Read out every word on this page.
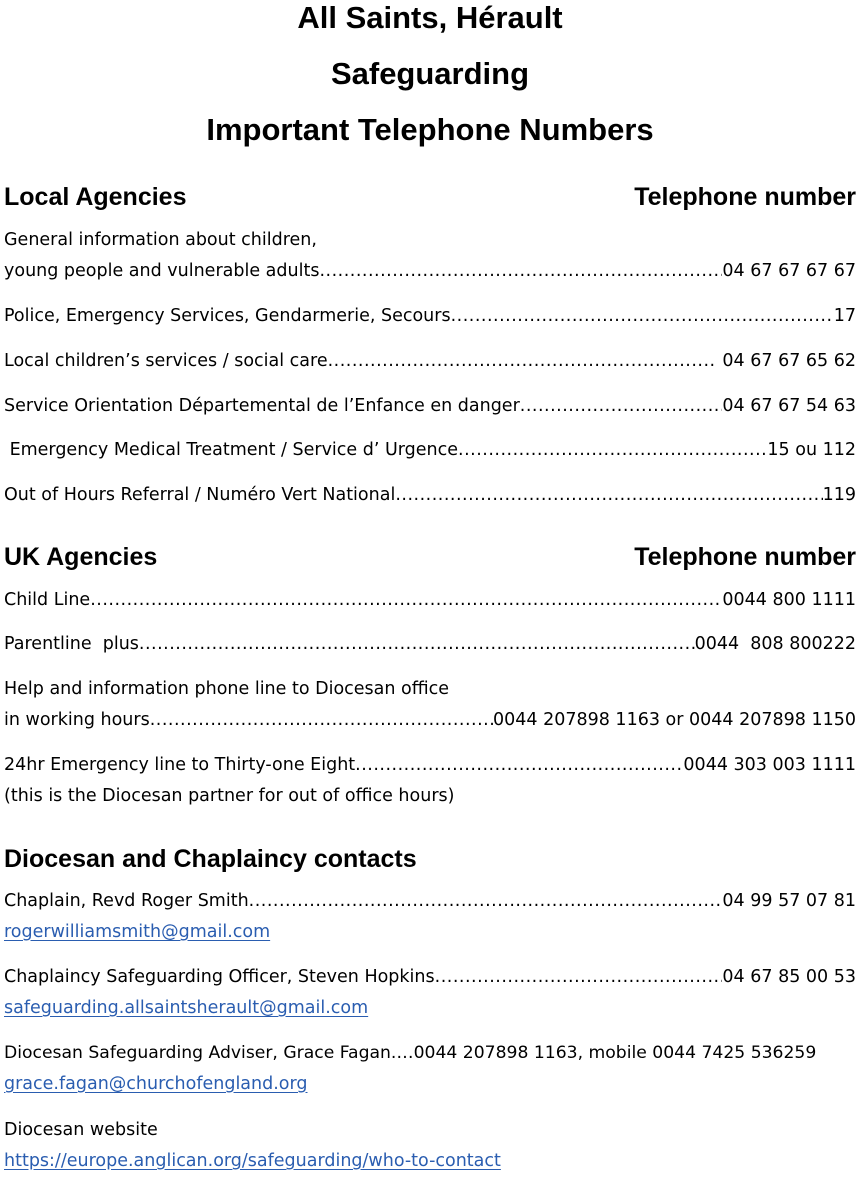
All Saints, Hérault
Safeguarding
Important Telephone Numbers
Local Agencies	Telephone number
General information about children,
young people and vulnerable adults .....	04 67 67 67 67
Police, Emergency Services, Gendarmerie, Secours .....	17
Local children’s services / social care .....	04 67 67 65 62
Service Orientation Départemental de l’Enfance en danger .....	04 67 67 54 63
Emergency Medical Treatment / Service d’ Urgence .....	15 ou 112
Out of Hours Referral / Numéro Vert National .....	119
UK Agencies	Telephone number
Child Line .....	0044 800 1111
Parentline  plus .....	0044  808 800222
Help and information phone line to Diocesan office
in working hours .....	0044 207898 1163 or 0044 207898 1150
24hr Emergency line to Thirty-one Eight .....	0044 303 003 1111
(this is the Diocesan partner for out of office hours)
Diocesan and Chaplaincy contacts
Chaplain, Revd Roger Smith .....	04 99 57 07 81
rogerwilliamsmith@gmail.com
Chaplaincy Safeguarding Officer, Steven Hopkins .....	04 67 85 00 53
safeguarding.allsaintsherault@gmail.com
Diocesan Safeguarding Adviser, Grace Fagan.…0044 207898 1163, mobile 0044 7425 536259
grace.fagan@churchofengland.org
Diocesan website
https://europe.anglican.org/safeguarding/who-to-contact
